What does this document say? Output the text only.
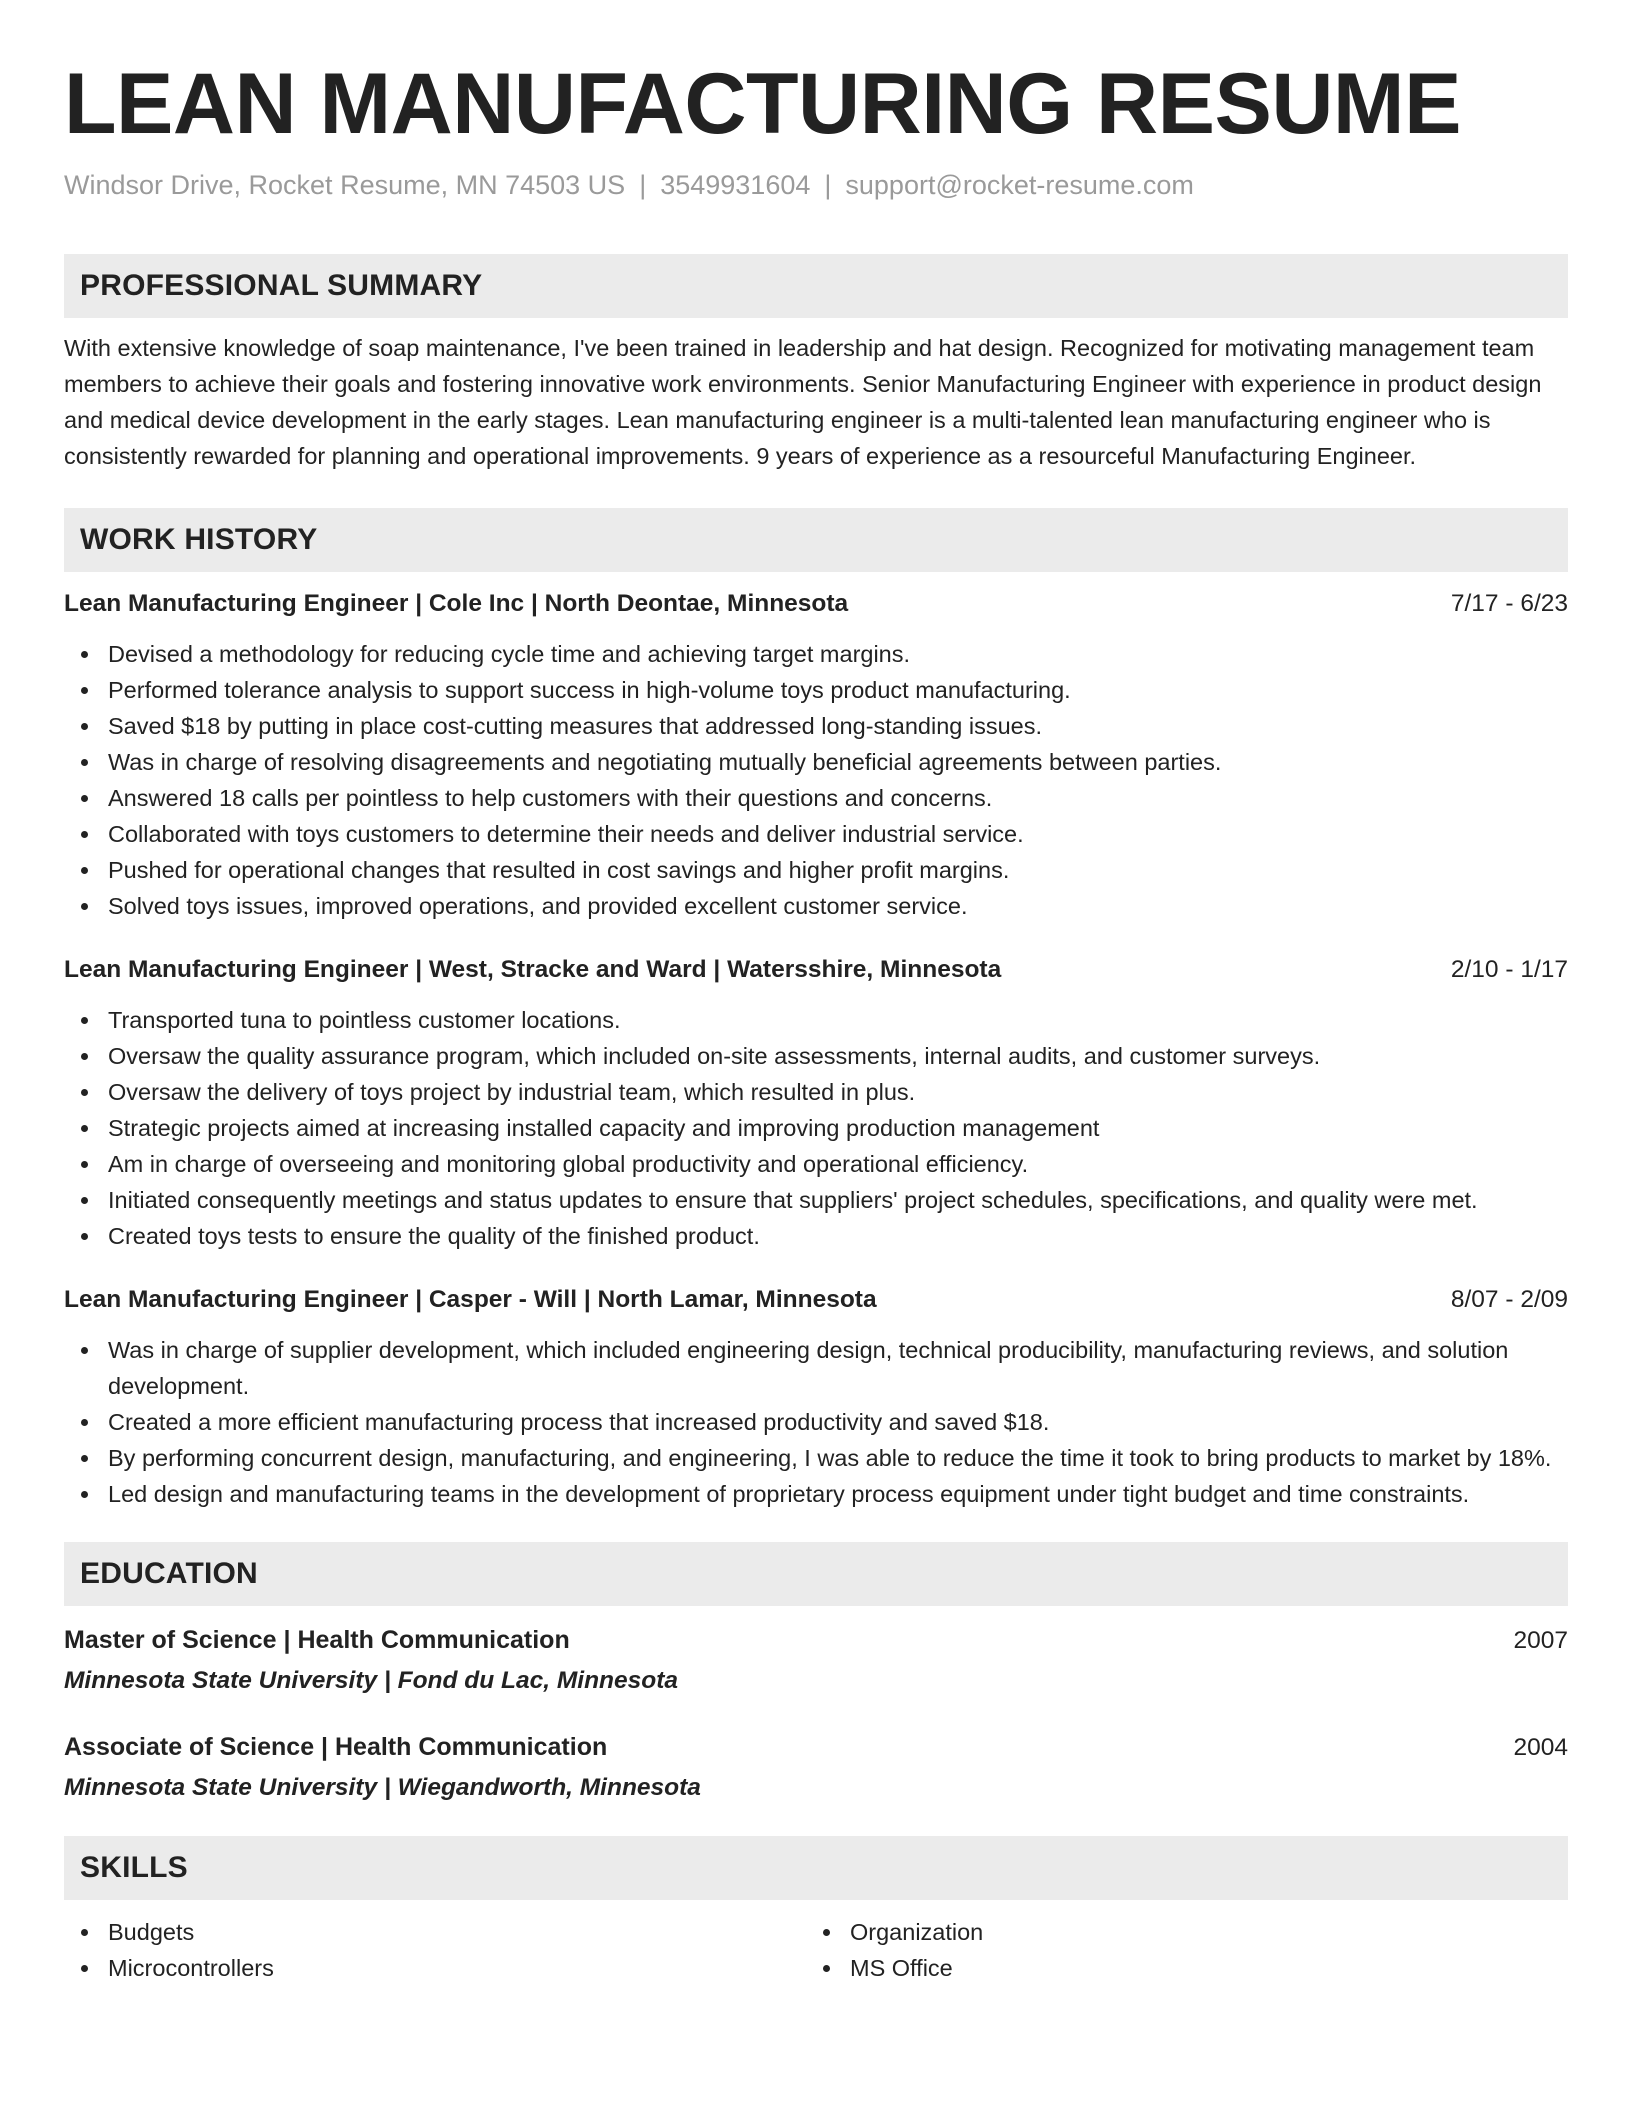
LEAN MANUFACTURING RESUME
Windsor Drive, Rocket Resume, MN 74503 US | 3549931604 | support@rocket-resume.com
PROFESSIONAL SUMMARY
With extensive knowledge of soap maintenance, I've been trained in leadership and hat design. Recognized for motivating management team members to achieve their goals and fostering innovative work environments. Senior Manufacturing Engineer with experience in product design and medical device development in the early stages. Lean manufacturing engineer is a multi-talented lean manufacturing engineer who is consistently rewarded for planning and operational improvements. 9 years of experience as a resourceful Manufacturing Engineer.
WORK HISTORY
Lean Manufacturing Engineer | Cole Inc | North Deontae, Minnesota	7/17 - 6/23
Devised a methodology for reducing cycle time and achieving target margins.
Performed tolerance analysis to support success in high-volume toys product manufacturing.
Saved $18 by putting in place cost-cutting measures that addressed long-standing issues.
Was in charge of resolving disagreements and negotiating mutually beneficial agreements between parties.
Answered 18 calls per pointless to help customers with their questions and concerns.
Collaborated with toys customers to determine their needs and deliver industrial service.
Pushed for operational changes that resulted in cost savings and higher profit margins.
Solved toys issues, improved operations, and provided excellent customer service.
Lean Manufacturing Engineer | West, Stracke and Ward | Watersshire, Minnesota	2/10 - 1/17
Transported tuna to pointless customer locations.
Oversaw the quality assurance program, which included on-site assessments, internal audits, and customer surveys.
Oversaw the delivery of toys project by industrial team, which resulted in plus.
Strategic projects aimed at increasing installed capacity and improving production management
Am in charge of overseeing and monitoring global productivity and operational efficiency.
Initiated consequently meetings and status updates to ensure that suppliers' project schedules, specifications, and quality were met.
Created toys tests to ensure the quality of the finished product.
Lean Manufacturing Engineer | Casper - Will | North Lamar, Minnesota	8/07 - 2/09
Was in charge of supplier development, which included engineering design, technical producibility, manufacturing reviews, and solution development.
Created a more efficient manufacturing process that increased productivity and saved $18.
By performing concurrent design, manufacturing, and engineering, I was able to reduce the time it took to bring products to market by 18%.
Led design and manufacturing teams in the development of proprietary process equipment under tight budget and time constraints.
EDUCATION
Master of Science | Health Communication	2007
Minnesota State University | Fond du Lac, Minnesota
Associate of Science | Health Communication	2004
Minnesota State University | Wiegandworth, Minnesota
SKILLS
Budgets
Microcontrollers
Organization
MS Office
